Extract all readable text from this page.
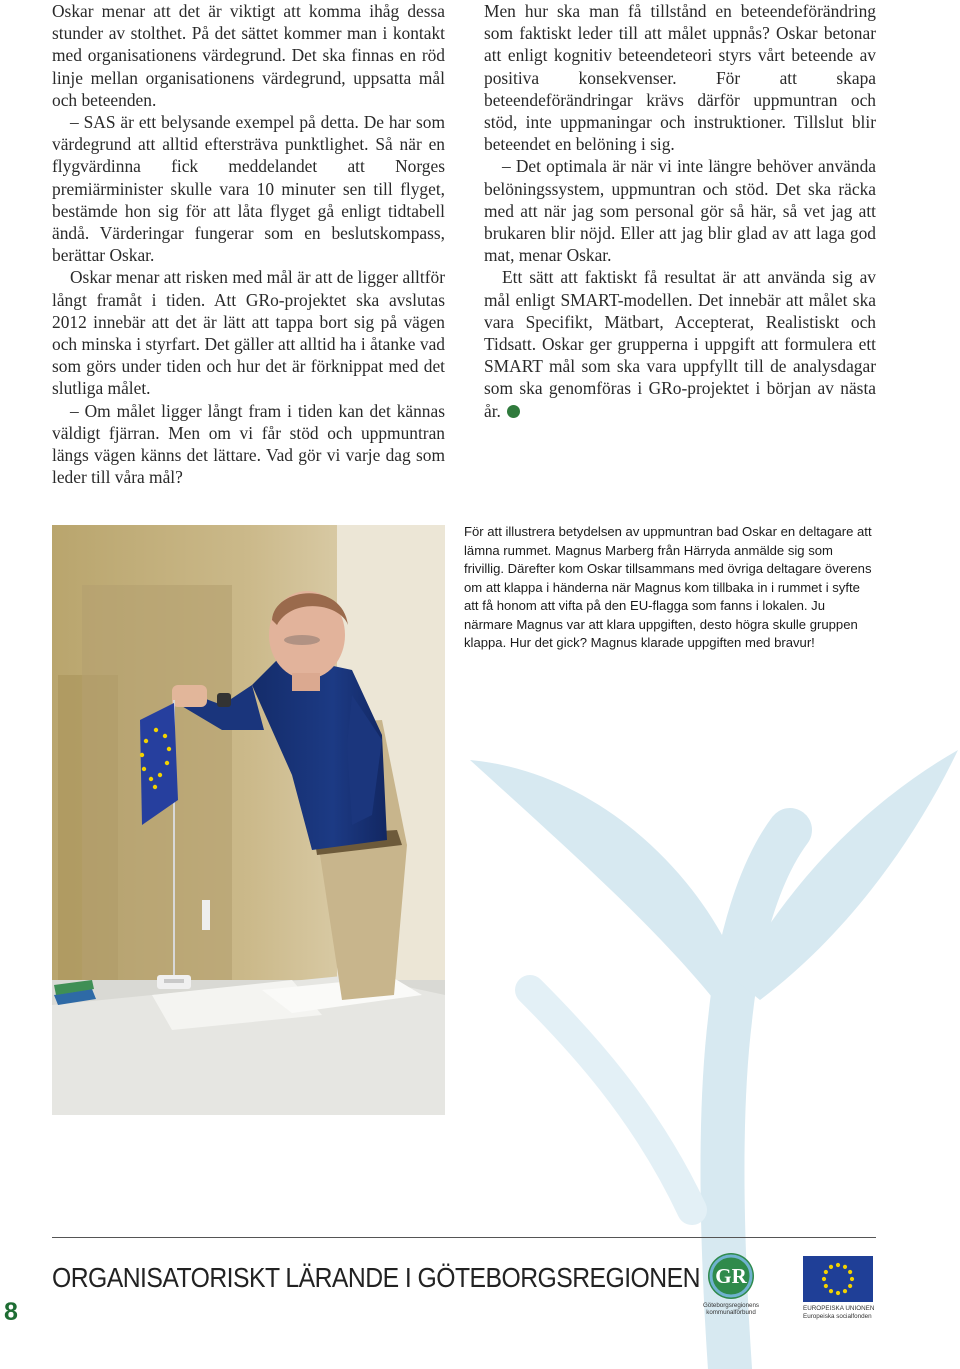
Oskar menar att det är viktigt att komma ihåg dessa stunder av stolthet. På det sättet kommer man i kontakt med organisationens värdegrund. Det ska finnas en röd linje mellan organisationens värdegrund, uppsatta mål och beteenden.

– SAS är ett belysande exempel på detta. De har som värdegrund att alltid eftersträva punktlighet. Så när en flygvärdinna fick meddelandet att Norges premiärminister skulle vara 10 minuter sen till flyget, bestämde hon sig för att låta flyget gå enligt tidtabell ändå. Värderingar fungerar som en beslutskompass, berättar Oskar.

Oskar menar att risken med mål är att de ligger alltför långt framåt i tiden. Att GRo-projektet ska avslutas 2012 innebär att det är lätt att tappa bort sig på vägen och minska i styrfart. Det gäller att alltid ha i åtanke vad som görs under tiden och hur det är förknippat med det slutliga målet.

– Om målet ligger långt fram i tiden kan det kännas väldigt fjärran. Men om vi får stöd och uppmuntran längs vägen känns det lättare. Vad gör vi varje dag som leder till våra mål?

Men hur ska man få tillstånd en beteendeförändring som faktiskt leder till att målet uppnås? Oskar betonar att enligt kognitiv beteendeteori styrs vårt beteende av positiva konsekvenser. För att skapa beteendeförändringar krävs därför uppmuntran och stöd, inte uppmaningar och instruktioner. Tillslut blir beteendet en belöning i sig.

– Det optimala är när vi inte längre behöver använda belöningssystem, uppmuntran och stöd. Det ska räcka med att när jag som personal gör så här, så vet jag att brukaren blir nöjd. Eller att jag blir glad av att laga god mat, menar Oskar.

Ett sätt att faktiskt få resultat är att använda sig av mål enligt SMART-modellen. Det innebär att målet ska vara Specifikt, Mätbart, Accepterat, Realistiskt och Tidsatt. Oskar ger grupperna i uppgift att formulera ett SMART mål som ska vara uppfyllt till de analysdagar som ska genomföras i GRo-projektet i början av nästa år.

För att illustrera betydelsen av uppmuntran bad Oskar en deltagare att lämna rummet. Magnus Marberg från Härryda anmälde sig som frivillig. Därefter kom Oskar tillsammans med övriga deltagare överens om att klappa i händerna när Magnus kom tillbaka in i rummet i syfte att få honom att vifta på den EU-flagga som fanns i lokalen. Ju närmare Magnus var att klara uppgiften, desto högra skulle gruppen klappa. Hur det gick? Magnus klarade uppgiften med bravur!

ORGANISATORISKT LÄRANDE I GÖTEBORGSREGIONEN
8
GR
Göteborgsregionens
kommunalförbund
EUROPEISKA UNIONEN
Europeiska socialfonden
